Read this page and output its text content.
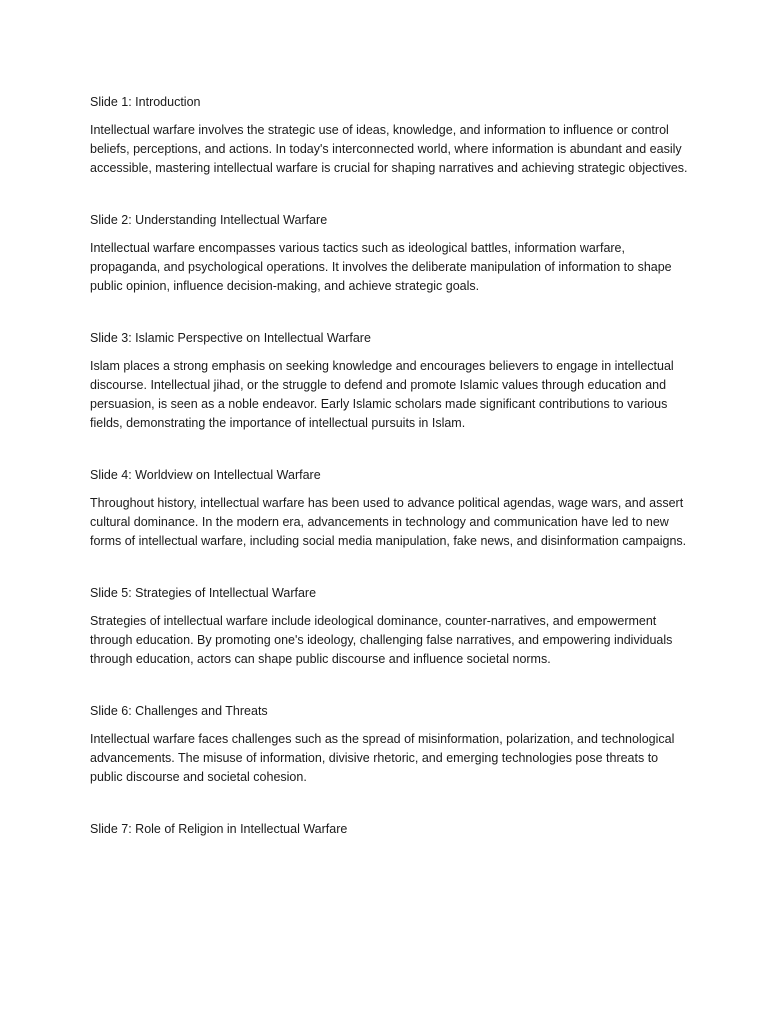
Slide 1: Introduction

Intellectual warfare involves the strategic use of ideas, knowledge, and information to influence or control beliefs, perceptions, and actions. In today's interconnected world, where information is abundant and easily accessible, mastering intellectual warfare is crucial for shaping narratives and achieving strategic objectives.

Slide 2: Understanding Intellectual Warfare

Intellectual warfare encompasses various tactics such as ideological battles, information warfare, propaganda, and psychological operations. It involves the deliberate manipulation of information to shape public opinion, influence decision-making, and achieve strategic goals.

Slide 3: Islamic Perspective on Intellectual Warfare

Islam places a strong emphasis on seeking knowledge and encourages believers to engage in intellectual discourse. Intellectual jihad, or the struggle to defend and promote Islamic values through education and persuasion, is seen as a noble endeavor. Early Islamic scholars made significant contributions to various fields, demonstrating the importance of intellectual pursuits in Islam.

Slide 4: Worldview on Intellectual Warfare

Throughout history, intellectual warfare has been used to advance political agendas, wage wars, and assert cultural dominance. In the modern era, advancements in technology and communication have led to new forms of intellectual warfare, including social media manipulation, fake news, and disinformation campaigns.

Slide 5: Strategies of Intellectual Warfare

Strategies of intellectual warfare include ideological dominance, counter-narratives, and empowerment through education. By promoting one's ideology, challenging false narratives, and empowering individuals through education, actors can shape public discourse and influence societal norms.

Slide 6: Challenges and Threats

Intellectual warfare faces challenges such as the spread of misinformation, polarization, and technological advancements. The misuse of information, divisive rhetoric, and emerging technologies pose threats to public discourse and societal cohesion.

Slide 7: Role of Religion in Intellectual Warfare
